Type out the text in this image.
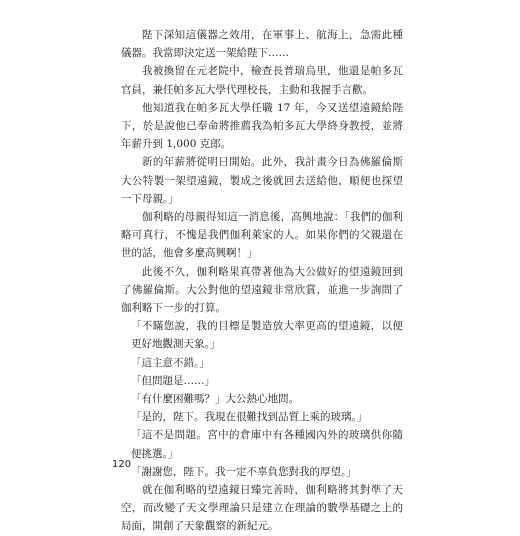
陛下深知這儀器之效用，在軍事上、航海上，急需此種儀器。我當即決定送一架給陛下……

我被換留在元老院中，檢查長普瑞烏里，他還是帕多瓦官員，兼任帕多瓦大學代理校長，主動和我握手言歡。

他知道我在帕多瓦大學任職 17 年，今又送望遠鏡給陛下，於是說他已奉命將推薦我為帕多瓦大學終身教授，並將年薪升到 1,000 克郎。

新的年薪將從明日開始。此外，我計畫今日為佛羅倫斯大公特製一架望遠鏡，製成之後就回去送給他，順便也探望一下母親。」

伽利略的母親得知這一消息後，高興地說：「我們的伽利略可真行，不愧是我們伽利萊家的人。如果你們的父親還在世的話，他會多麼高興啊！」

此後不久，伽利略果真帶著他為大公做好的望遠鏡回到了佛羅倫斯。大公對他的望遠鏡非常欣賞，並進一步詢問了伽利略下一步的打算。

「不瞞您說，我的目標是製造放大率更高的望遠鏡，以便更好地觀測天象。」

「這主意不錯。」

「但問題是……」

「有什麼困難嗎？」大公熱心地問。

「是的，陛下。我現在很難找到品質上乘的玻璃。」

「這不是問題。宮中的倉庫中有各種國內外的玻璃供你隨便挑選。」

「謝謝您，陛下。我一定不辜負您對我的厚望。」

就在伽利略的望遠鏡日臻完善時，伽利略將其對準了天空，而改變了天文學理論只是建立在理論的數學基礎之上的局面，開創了天象觀察的新紀元。

120
